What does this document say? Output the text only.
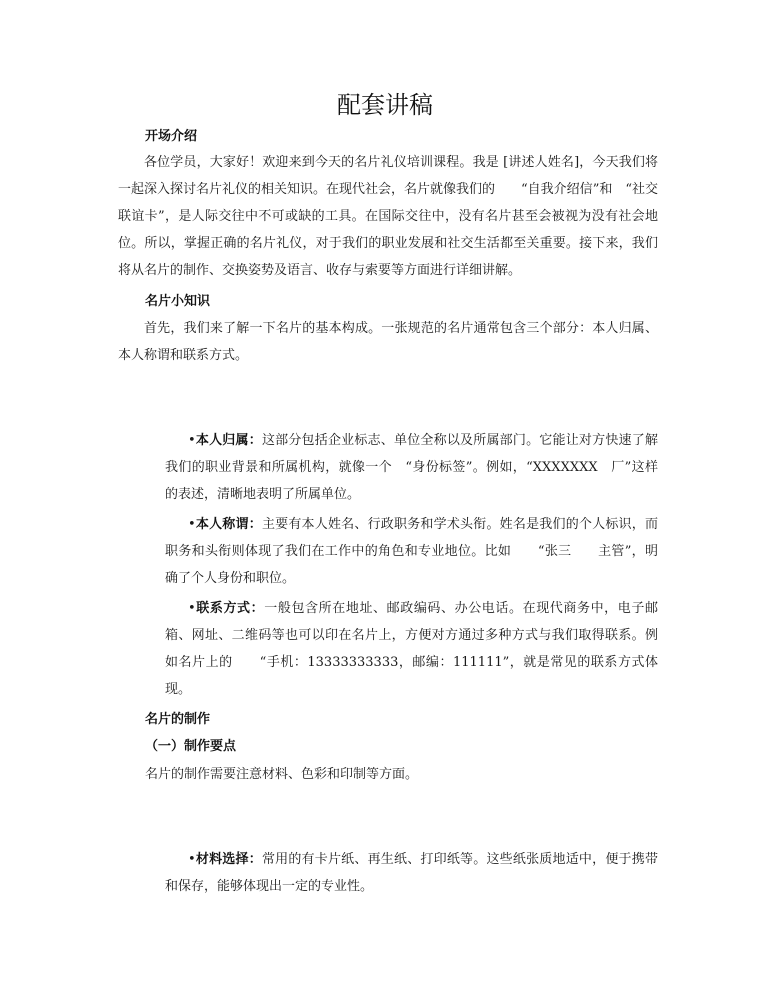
配套讲稿
开场介绍

各位学员，大家好！欢迎来到今天的名片礼仪培训课程。我是 [讲述人姓名]，今天我们将一起深入探讨名片礼仪的相关知识。在现代社会，名片就像我们的　　“自我介绍信”和　“社交联谊卡”，是人际交往中不可或缺的工具。在国际交往中，没有名片甚至会被视为没有社会地位。所以，掌握正确的名片礼仪，对于我们的职业发展和社交生活都至关重要。接下来，我们将从名片的制作、交换姿势及语言、收存与索要等方面进行详细讲解。

名片小知识

首先，我们来了解一下名片的基本构成。一张规范的名片通常包含三个部分：本人归属、本人称谓和联系方式。

•本人归属：这部分包括企业标志、单位全称以及所属部门。它能让对方快速了解我们的职业背景和所属机构，就像一个　“身份标签”。例如，“XXXXXXX　厂”这样的表述，清晰地表明了所属单位。

•本人称谓：主要有本人姓名、行政职务和学术头衔。姓名是我们的个人标识，而职务和头衔则体现了我们在工作中的角色和专业地位。比如　　“张三　　主管”，明确了个人身份和职位。

•联系方式：一般包含所在地址、邮政编码、办公电话。在现代商务中，电子邮箱、网址、二维码等也可以印在名片上，方便对方通过多种方式与我们取得联系。例如名片上的　　“手机：13333333333，邮编：111111”，就是常见的联系方式体现。

名片的制作
（一）制作要点
名片的制作需要注意材料、色彩和印制等方面。

•材料选择：常用的有卡片纸、再生纸、打印纸等。这些纸张质地适中，便于携带和保存，能够体现出一定的专业性。
